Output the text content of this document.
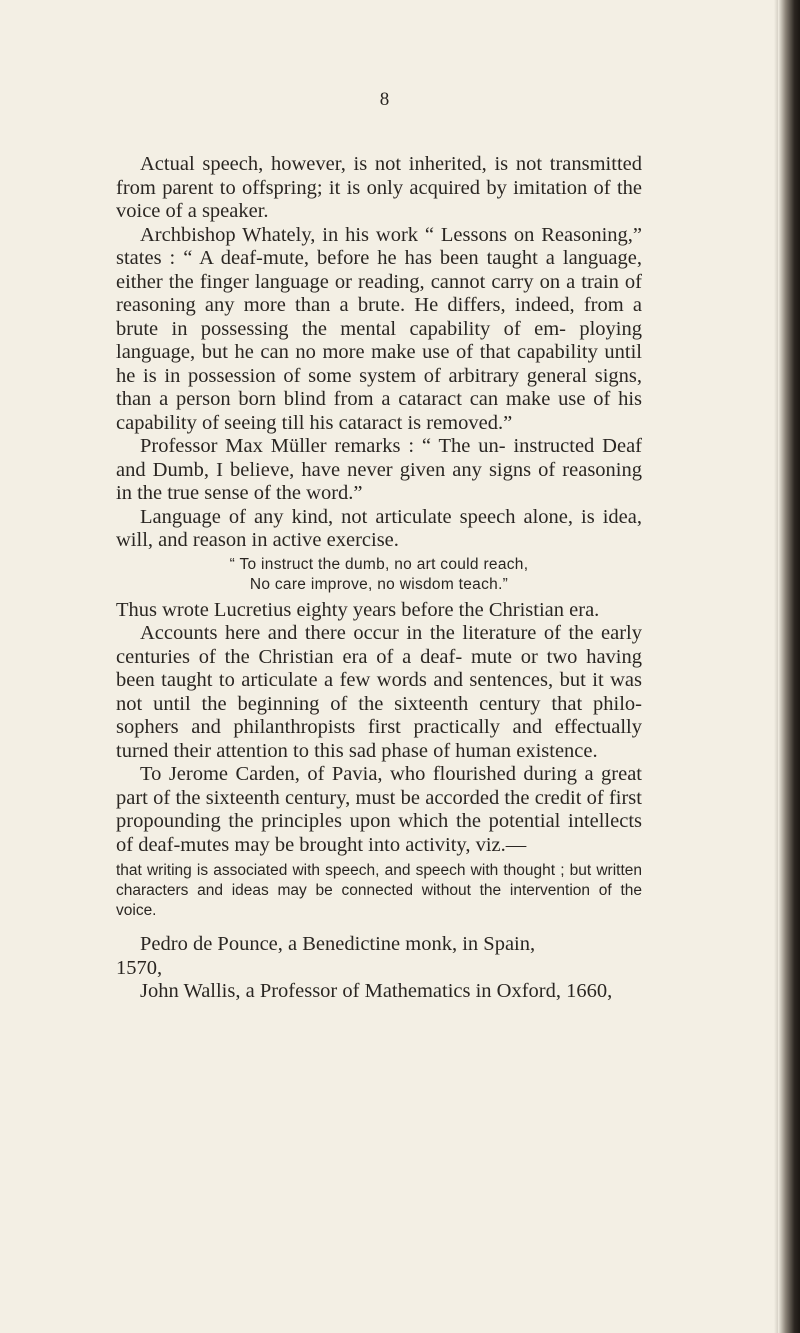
8

Actual speech, however, is not inherited, is not transmitted from parent to offspring; it is only acquired by imitation of the voice of a speaker.

Archbishop Whately, in his work “ Lessons on Reasoning,” states : “ A deaf-mute, before he has been taught a language, either the finger language or reading, cannot carry on a train of reasoning any more than a brute. He differs, indeed, from a brute in possessing the mental capability of em- ploying language, but he can no more make use of that capability until he is in possession of some system of arbitrary general signs, than a person born blind from a cataract can make use of his capability of seeing till his cataract is removed.”

Professor Max Müller remarks : “ The un- instructed Deaf and Dumb, I believe, have never given any signs of reasoning in the true sense of the word.”

Language of any kind, not articulate speech alone, is idea, will, and reason in active exercise.

“ To instruct the dumb, no art could reach,
No care improve, no wisdom teach.”

Thus wrote Lucretius eighty years before the Christian era.

Accounts here and there occur in the literature of the early centuries of the Christian era of a deaf- mute or two having been taught to articulate a few words and sentences, but it was not until the beginning of the sixteenth century that philo- sophers and philanthropists first practically and effectually turned their attention to this sad phase of human existence.

To Jerome Carden, of Pavia, who flourished during a great part of the sixteenth century, must be accorded the credit of first propounding the principles upon which the potential intellects of deaf-mutes may be brought into activity, viz.—

that writing is associated with speech, and speech with thought ; but written characters and ideas may be connected without the intervention of the voice.

Pedro de Pounce, a Benedictine monk, in Spain,

1570,

John Wallis, a Professor of Mathematics in Oxford, 1660,
